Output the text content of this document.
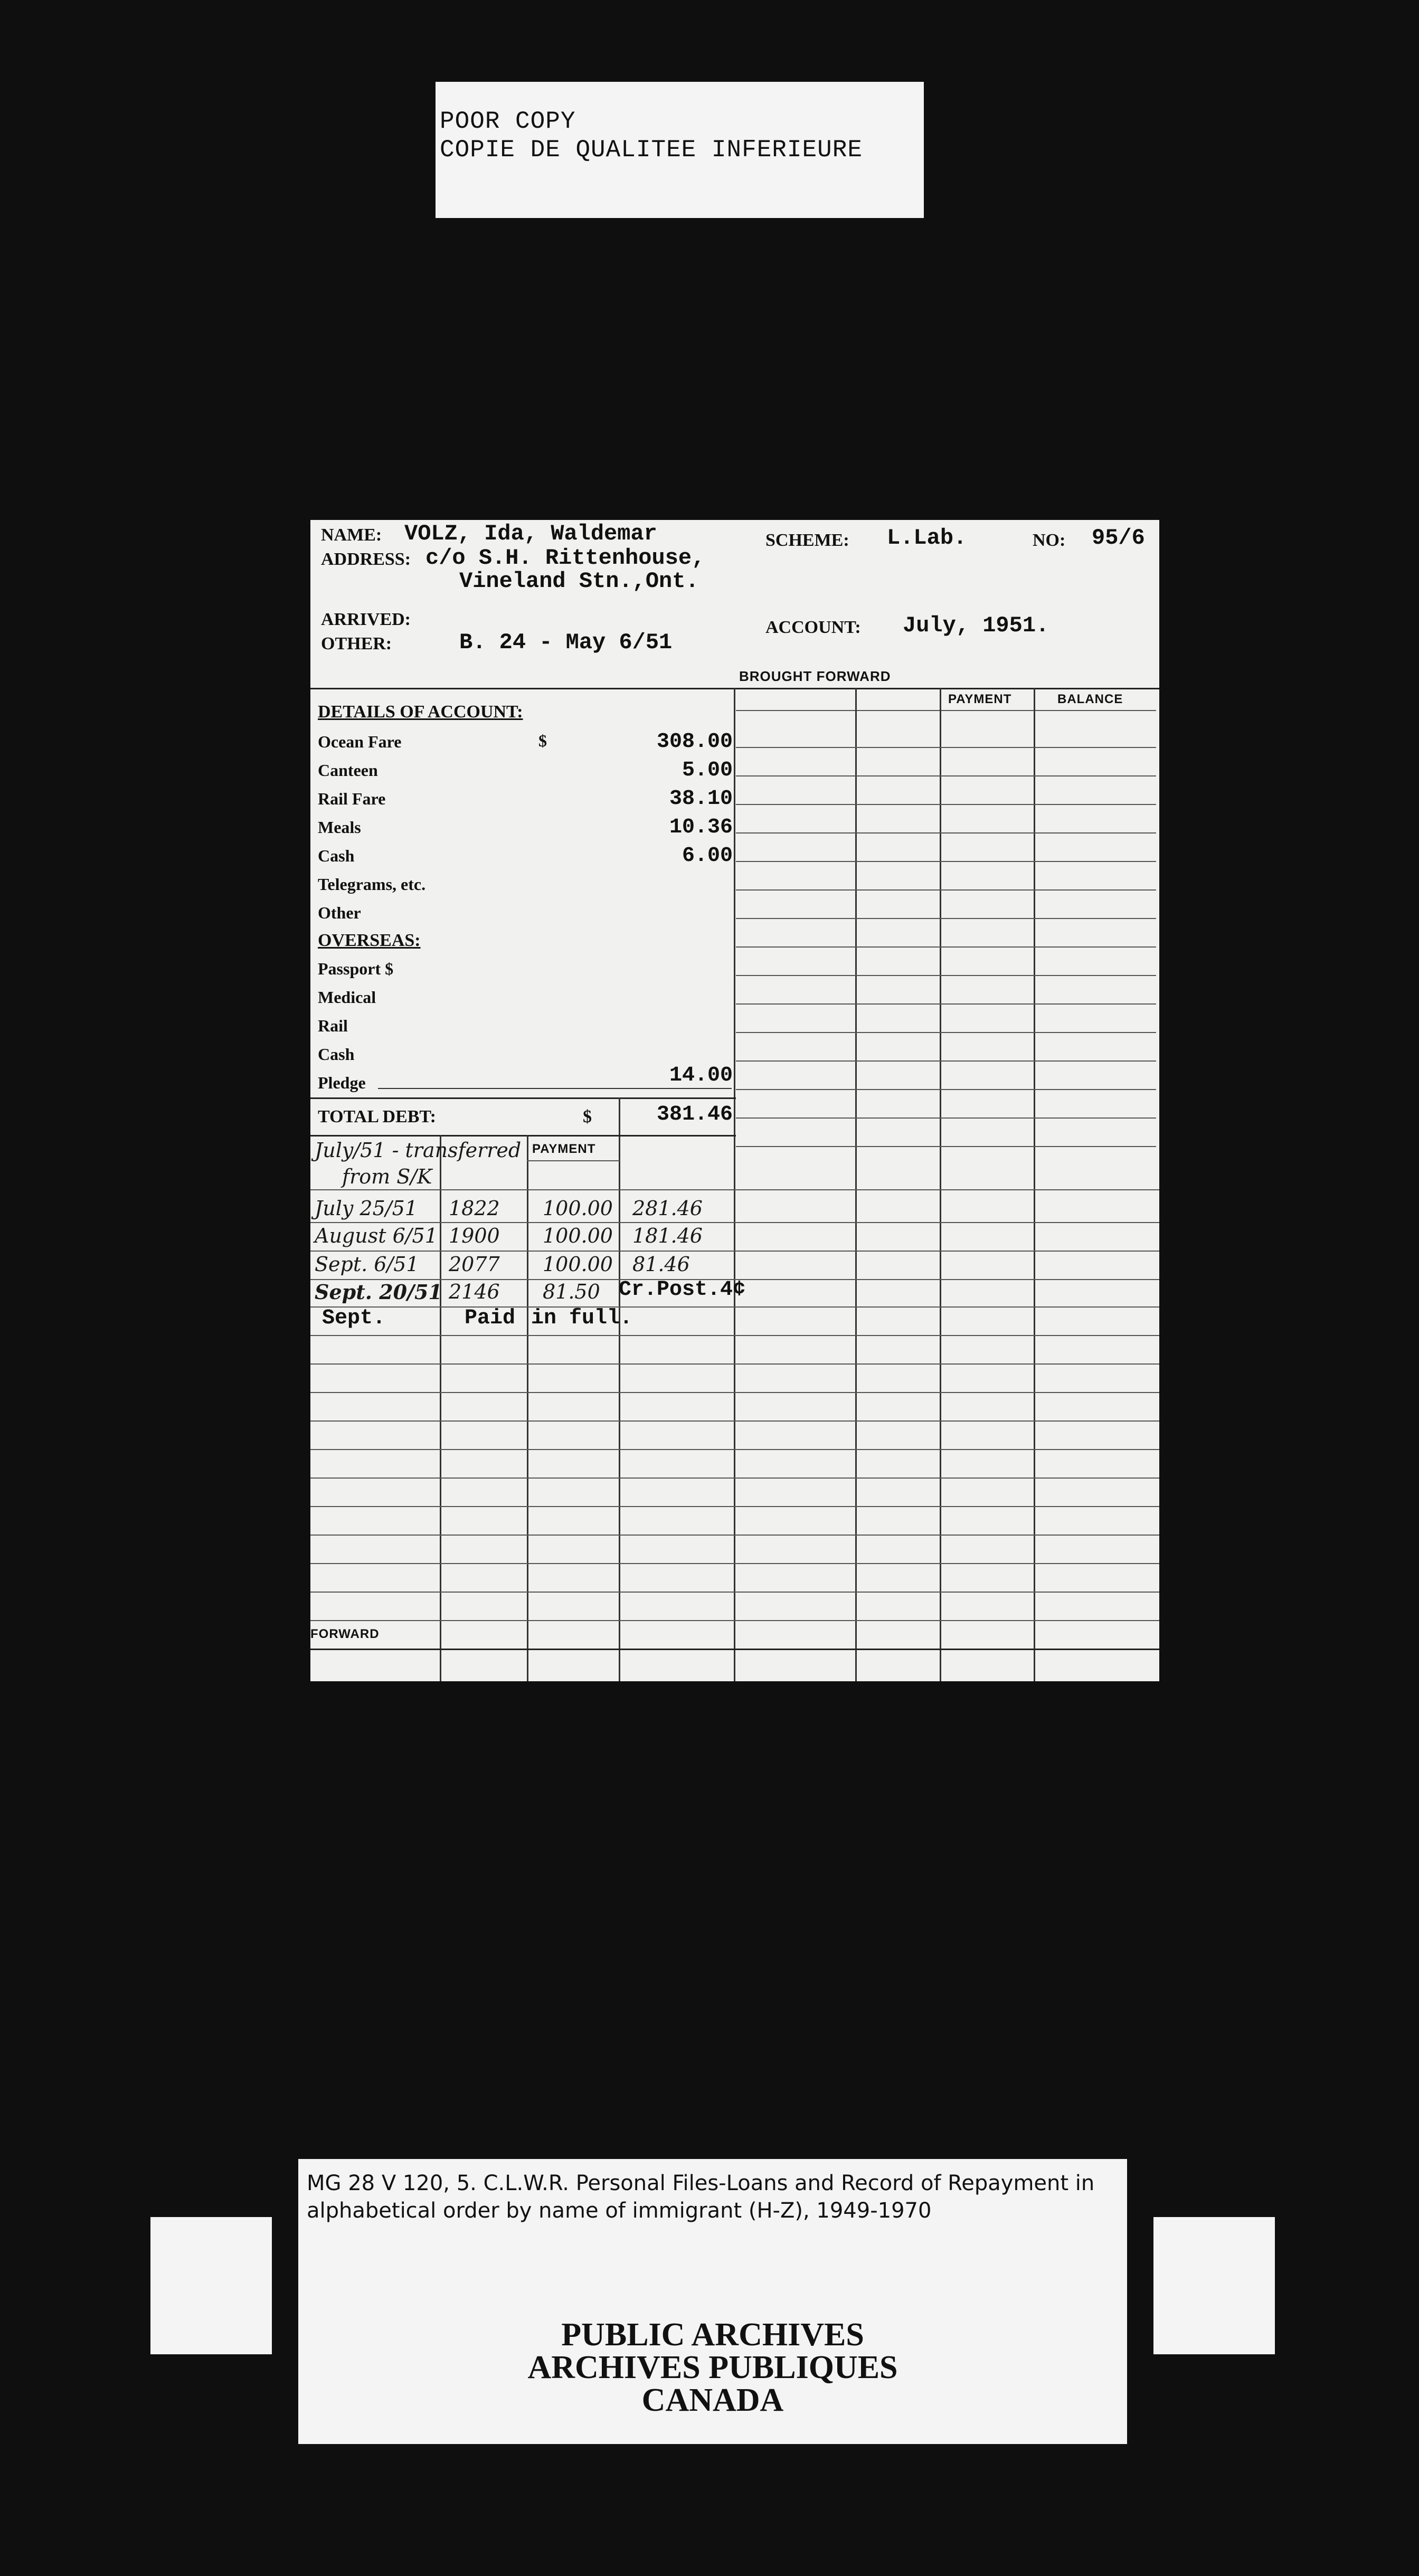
POOR COPY
COPIE DE QUALITEE INFERIEURE
NAME: VOLZ, Ida, Waldemar
ADDRESS: c/o S.H. Rittenhouse,
Vineland Stn.,Ont.
ARRIVED:
OTHER:	B. 24 - May 6/51
SCHEME: L.Lab.	NO: 95/6
ACCOUNT: July, 1951.
BROUGHT FORWARD
PAYMENT	BALANCE
DETAILS OF ACCOUNT:
Ocean Fare	$	308.00
Canteen	5.00
Rail Fare	38.10
Meals	10.36
Cash	6.00
Telegrams, etc.
Other
OVERSEAS:
Passport $
Medical
Rail
Cash
Pledge	14.00
TOTAL DEBT:	$	381.46
PAYMENT
July/51 - transferred
from S/K
July 25/51 1822 100.00 281.46
August 6/51 1900 100.00 181.46
Sept. 6/51 2077 100.00 81.46
Sept. 20/51 2146 81.50 Cr.Post.4¢
Sept.	Paid in full.
FORWARD
MG 28 V 120, 5. C.L.W.R. Personal Files-Loans and Record of Repayment in alphabetical order by name of immigrant (H-Z), 1949-1970
PUBLIC ARCHIVES
ARCHIVES PUBLIQUES
CANADA
